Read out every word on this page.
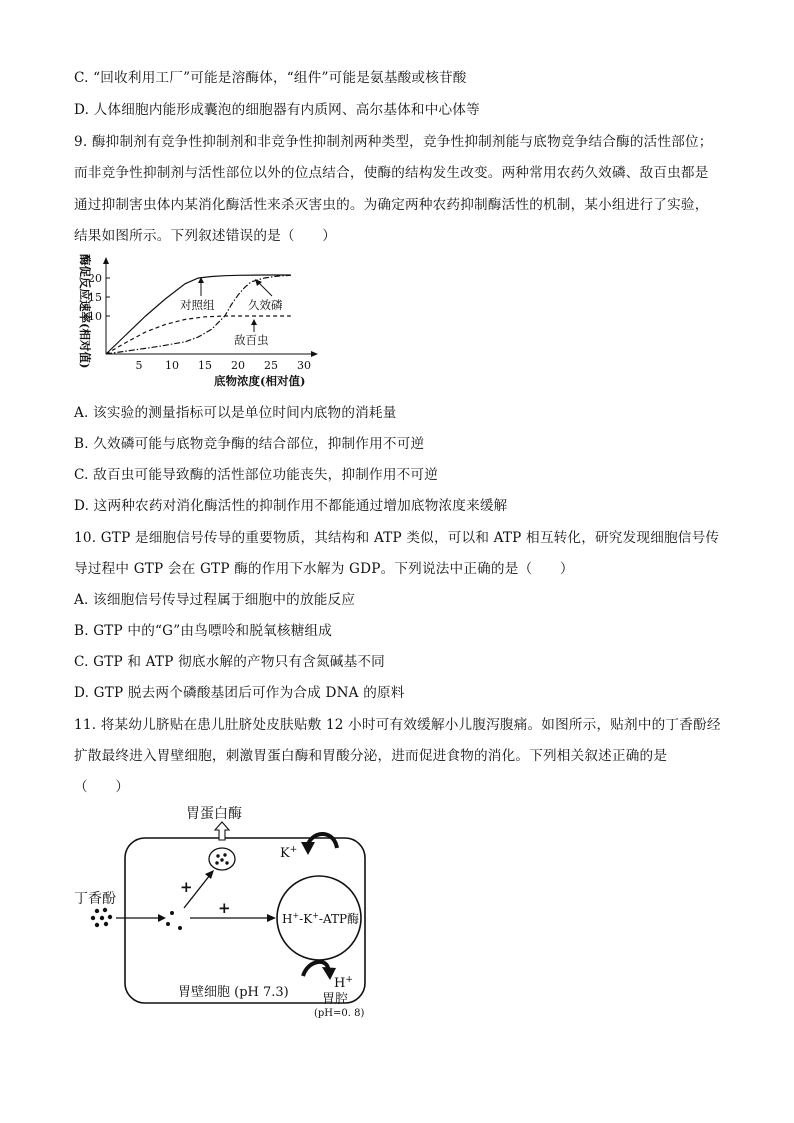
C. “回收利用工厂”可能是溶酶体，“组件”可能是氨基酸或核苷酸
D. 人体细胞内能形成囊泡的细胞器有内质网、高尔基体和中心体等
9. 酶抑制剂有竞争性抑制剂和非竞争性抑制剂两种类型，竞争性抑制剂能与底物竞争结合酶的活性部位；
而非竞争性抑制剂与活性部位以外的位点结合，使酶的结构发生改变。两种常用农药久效磷、敌百虫都是
通过抑制害虫体内某消化酶活性来杀灭害虫的。为确定两种农药抑制酶活性的机制，某小组进行了实验，
结果如图所示。下列叙述错误的是（　　）
酶促反应速率(相对值)	5 10 15 20 25 30
10
15
20
底物浓度(相对值)
对照组	久效磷
敌百虫
A. 该实验的测量指标可以是单位时间内底物的消耗量
B. 久效磷可能与底物竞争酶的结合部位，抑制作用不可逆
C. 敌百虫可能导致酶的活性部位功能丧失，抑制作用不可逆
D. 这两种农药对消化酶活性的抑制作用不都能通过增加底物浓度来缓解
10. GTP 是细胞信号传导的重要物质，其结构和 ATP 类似，可以和 ATP 相互转化，研究发现细胞信号传
导过程中 GTP 会在 GTP 酶的作用下水解为 GDP。下列说法中正确的是（　　）
A. 该细胞信号传导过程属于细胞中的放能反应
B. GTP 中的“G”由鸟嘌呤和脱氧核糖组成
C. GTP 和 ATP 彻底水解的产物只有含氮碱基不同
D. GTP 脱去两个磷酸基团后可作为合成 DNA 的原料
11. 将某幼儿脐贴在患儿肚脐处皮肤贴敷 12 小时可有效缓解小儿腹泻腹痛。如图所示，贴剂中的丁香酚经
扩散最终进入胃壁细胞，刺激胃蛋白酶和胃酸分泌，进而促进食物的消化。下列相关叙述正确的是
（　　）
胃蛋白酶
丁香酚
+
+
H+-K+-ATP酶
K+
H+
胃壁细胞 (pH 7.3)	胃腔
(pH=0. 8)
